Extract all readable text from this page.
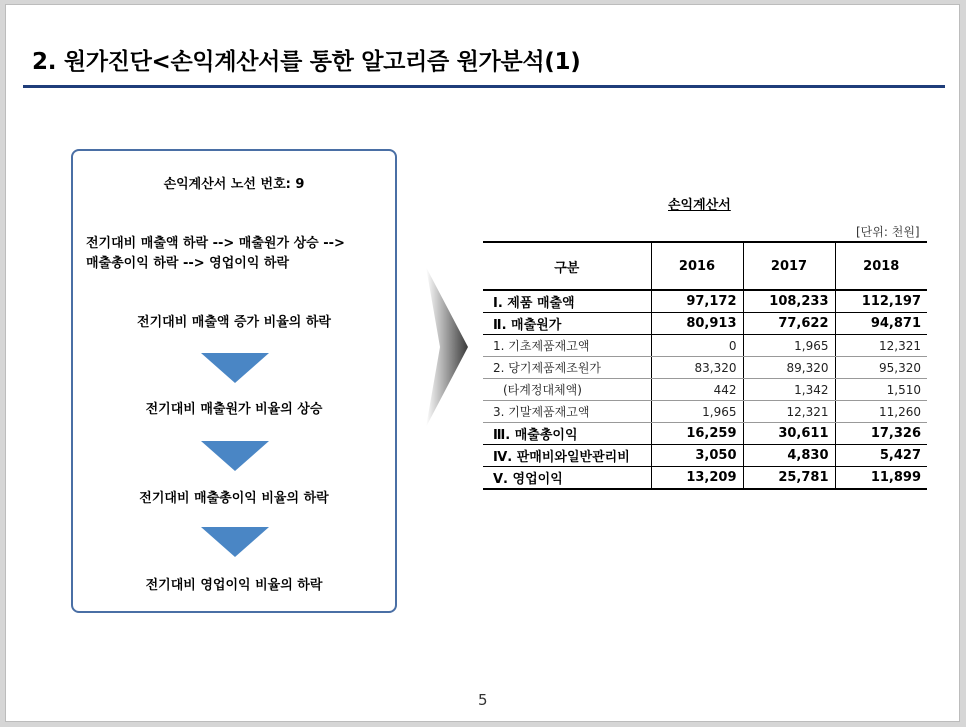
2. 원가진단<손익계산서를 통한 알고리즘 원가분석(1)
손익계산서 노선 번호: 9
전기대비 매출액 하락 --> 매출원가 상승 -->
매출총이익 하락 --> 영업이익 하락
전기대비 매출액 증가 비율의 하락
전기대비 매출원가 비율의 상승
전기대비 매출총이익 비율의 하락
전기대비 영업이익 비율의 하락
손익계산서
[단위: 천원]
구분	2016	2017	2018
Ⅰ. 제품 매출액	97,172	108,233	112,197
Ⅱ. 매출원가	80,913	77,622	94,871
1. 기초제품재고액	0	1,965	12,321
2. 당기제품제조원가	83,320	89,320	95,320
(타계정대체액)	442	1,342	1,510
3. 기말제품재고액	1,965	12,321	11,260
Ⅲ. 매출총이익	16,259	30,611	17,326
Ⅳ. 판매비와일반관리비	3,050	4,830	5,427
Ⅴ. 영업이익	13,209	25,781	11,899
5
